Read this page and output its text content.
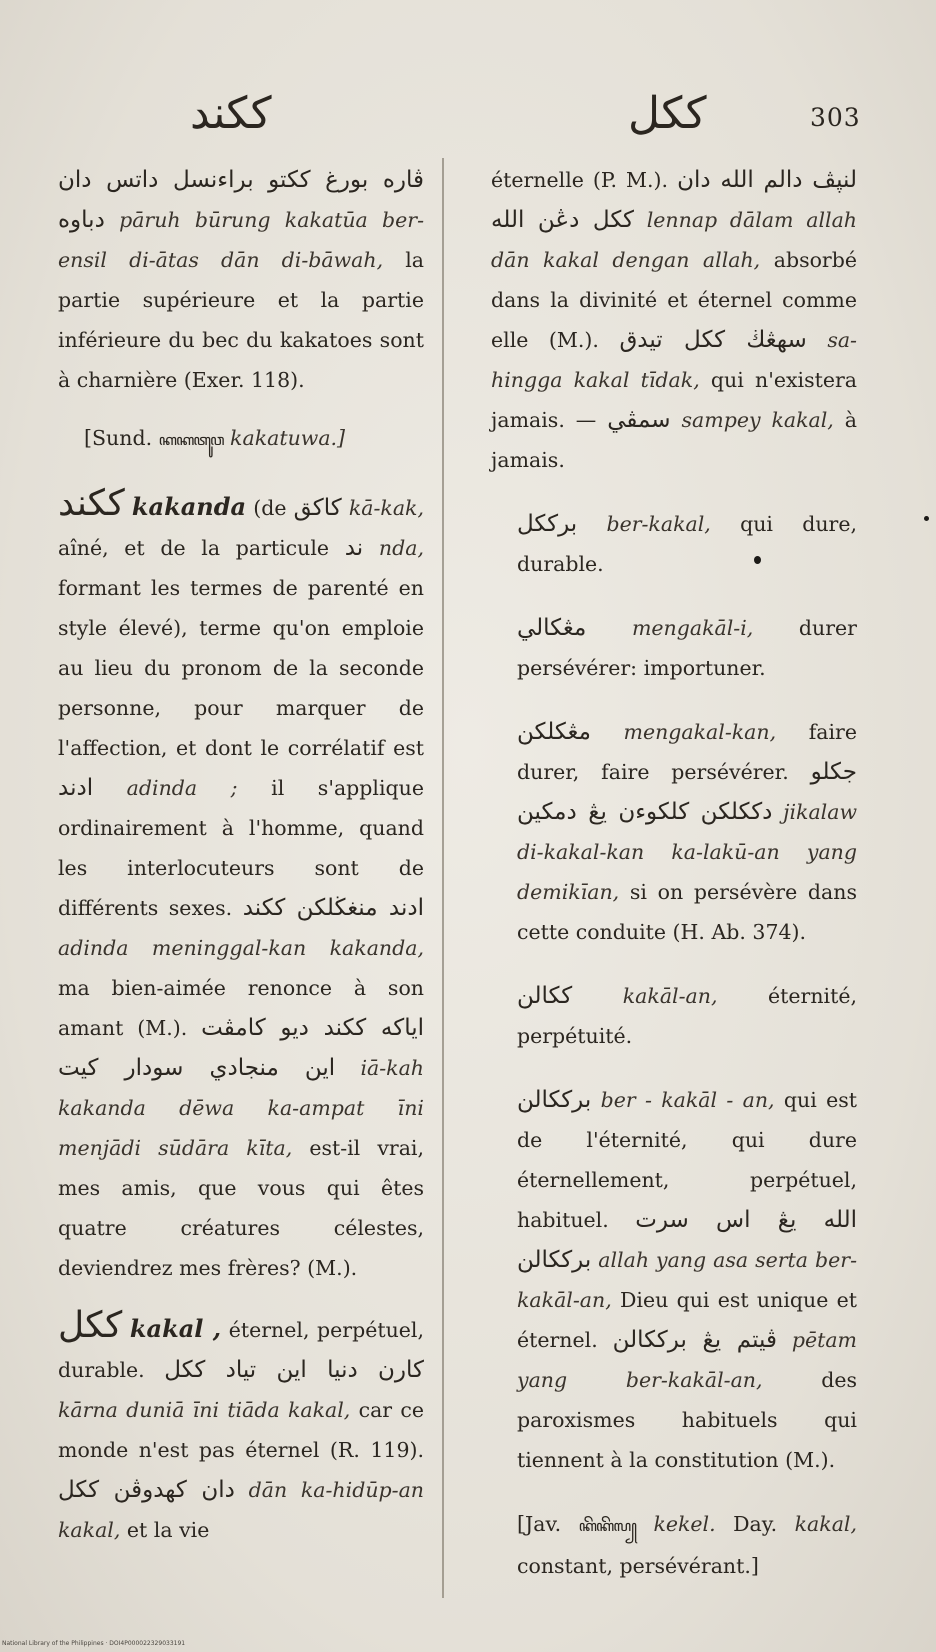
ككند	ككل	303

ڤاره بورغ ككتو براءنسل داتس دان دباوه pāruh būrung kakatūa ber-ensil di-ātas dān di-bāwah, la partie supérieure et la partie inférieure du bec du kakatoes sont à charnière (Exer. 118).

[Sund. ꦏꦏꦠꦸꦮ kakatuwa.]

ككند kakanda (de كاكق kā-kak, aîné, et de la particule ند nda, formant les termes de parenté en style élevé), terme qu'on emploie au lieu du pronom de la seconde personne, pour marquer de l'affection, et dont le corrélatif est ادند adinda ; il s'applique ordinairement à l'homme, quand les interlocuteurs sont de différents sexes. ادند منغڬلكن ككند adinda meninggal-kan kakanda, ma bien-aimée renonce à son amant (M.). اياكه ككند ديو كامڤت اين منجادي سودار كيت iā-kah kakanda dēwa ka-ampat īni menjādi sūdāra kīta, est-il vrai, mes amis, que vous qui êtes quatre créatures célestes, deviendrez mes frères? (M.).

ككل kakal , éternel, perpétuel, durable. كارن دنيا اين تياد ككل kārna duniā īni tiāda kakal, car ce monde n'est pas éternel (R. 119). دان كهدوڤن ككل dān ka-hidūp-an kakal, et la vie

éternelle (P. M.). لنڽڤ دالم الله دان ككل دڠن الله lennap dālam allah dān kakal dengan allah, absorbé dans la divinité et éternel comme elle (M.). سهڠڬ ككل تيدق sa-hingga kakal tīdak, qui n'existera jamais. — سمڤي sampey kakal, à jamais.

برككل ber-kakal, qui dure, durable.

مڠكالي mengakāl-i, durer persévérer: importuner.

مڠكلكن mengakal-kan, faire durer, faire persévérer. جكلو دككلكن كلكوءن يڠ دمكين jikalaw di-kakal-kan ka-lakū-an yang demikīan, si on persévère dans cette conduite (H. Ab. 374).

ككالن kakāl-an, éternité, perpétuité.

برككالن ber - kakāl - an, qui est de l'éternité, qui dure éternellement, perpétuel, habituel. الله يڠ اس سرت برككالن allah yang asa serta ber-kakāl-an, Dieu qui est unique et éternel. ڤيتم يڠ برككالن pētam yang ber-kakāl-an,	des paroxismes habituels qui tiennent à la constitution (M.).

[Jav. ꦏꦼꦏꦼꦭ꧀ kekel. Day. kakal, constant, persévérant.]

National Library of the Philippines · DOI4P000022329033191
